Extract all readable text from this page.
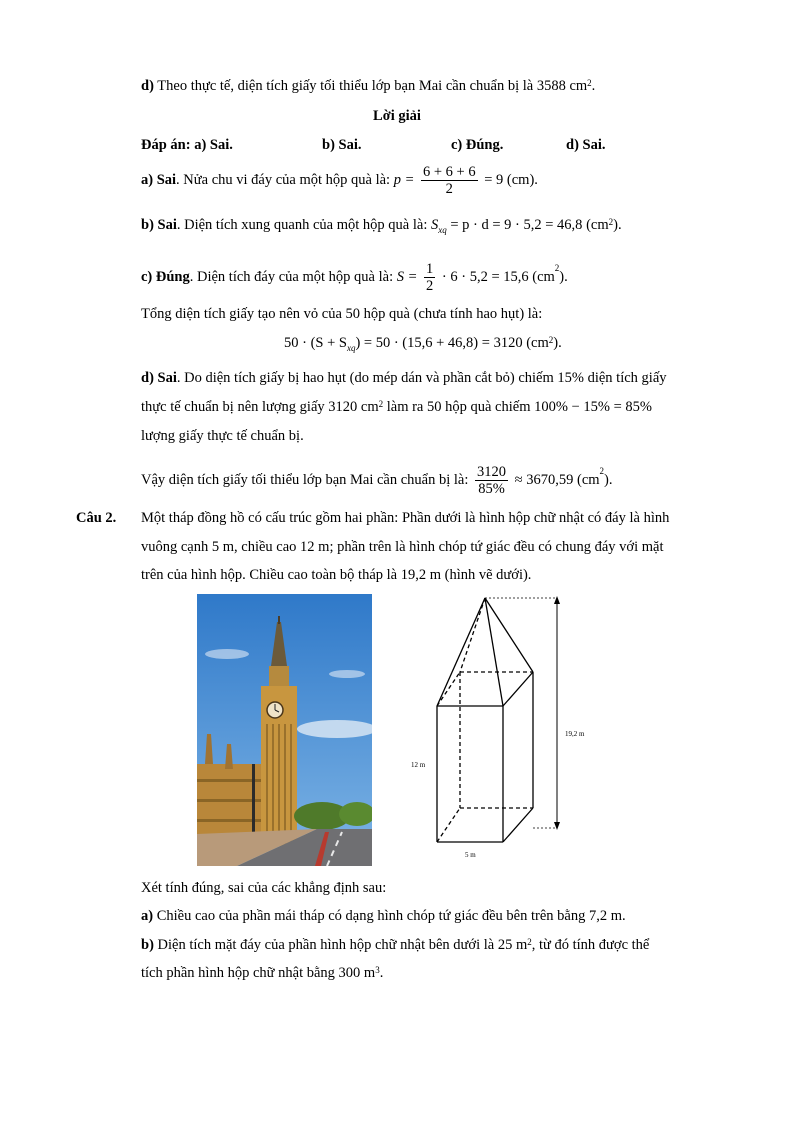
d) Theo thực tế, diện tích giấy tối thiểu lớp bạn Mai cần chuẩn bị là 3588 $cm^2$.
Lời giải
Đáp án: a) Sai.	b) Sai.	c) Đúng.	d) Sai.
a) Sai. Nửa chu vi đáy của một hộp quà là: $p = \frac{6 + 6 + 6}{2} = 9$ (cm).
b) Sai. Diện tích xung quanh của một hộp quà là: $S_{xq} = p \cdot d = 9 \cdot 5,2 = 46,8$ $(cm^2)$.
c) Đúng. Diện tích đáy của một hộp quà là: $S = \frac{1}{2} \cdot 6 \cdot 5,2 = 15,6$ $(cm^2)$.
Tổng diện tích giấy tạo nên vỏ của 50 hộp quà (chưa tính hao hụt) là:
$50 \cdot (S + S_{xq}) = 50 \cdot (15,6 + 46,8) = 3120$ $(cm^2)$.
d) Sai. Do diện tích giấy bị hao hụt (do mép dán và phần cắt bỏ) chiếm 15% diện tích giấy
thực tế chuẩn bị nên lượng giấy 3120 $cm^2$ làm ra 50 hộp quà chiếm 100% − 15% = 85%
lượng giấy thực tế chuẩn bị.
Vậy diện tích giấy tối thiểu lớp bạn Mai cần chuẩn bị là: $\frac{3120}{85\%} \approx 3670,59$ $(cm^2)$.
Câu 2. Một tháp đồng hồ có cấu trúc gồm hai phần: Phần dưới là hình hộp chữ nhật có đáy là hình
vuông cạnh 5 m, chiều cao 12 m; phần trên là hình chóp tứ giác đều có chung đáy với mặt
trên của hình hộp. Chiều cao toàn bộ tháp là 19,2 m (hình vẽ dưới).
19,2 m
12 m
5 m
Xét tính đúng, sai của các khẳng định sau:
a) Chiều cao của phần mái tháp có dạng hình chóp tứ giác đều bên trên bằng 7,2 m.
b) Diện tích mặt đáy của phần hình hộp chữ nhật bên dưới là 25 $m^2$, từ đó tính được thể
tích phần hình hộp chữ nhật bằng 300 $m^3$.
